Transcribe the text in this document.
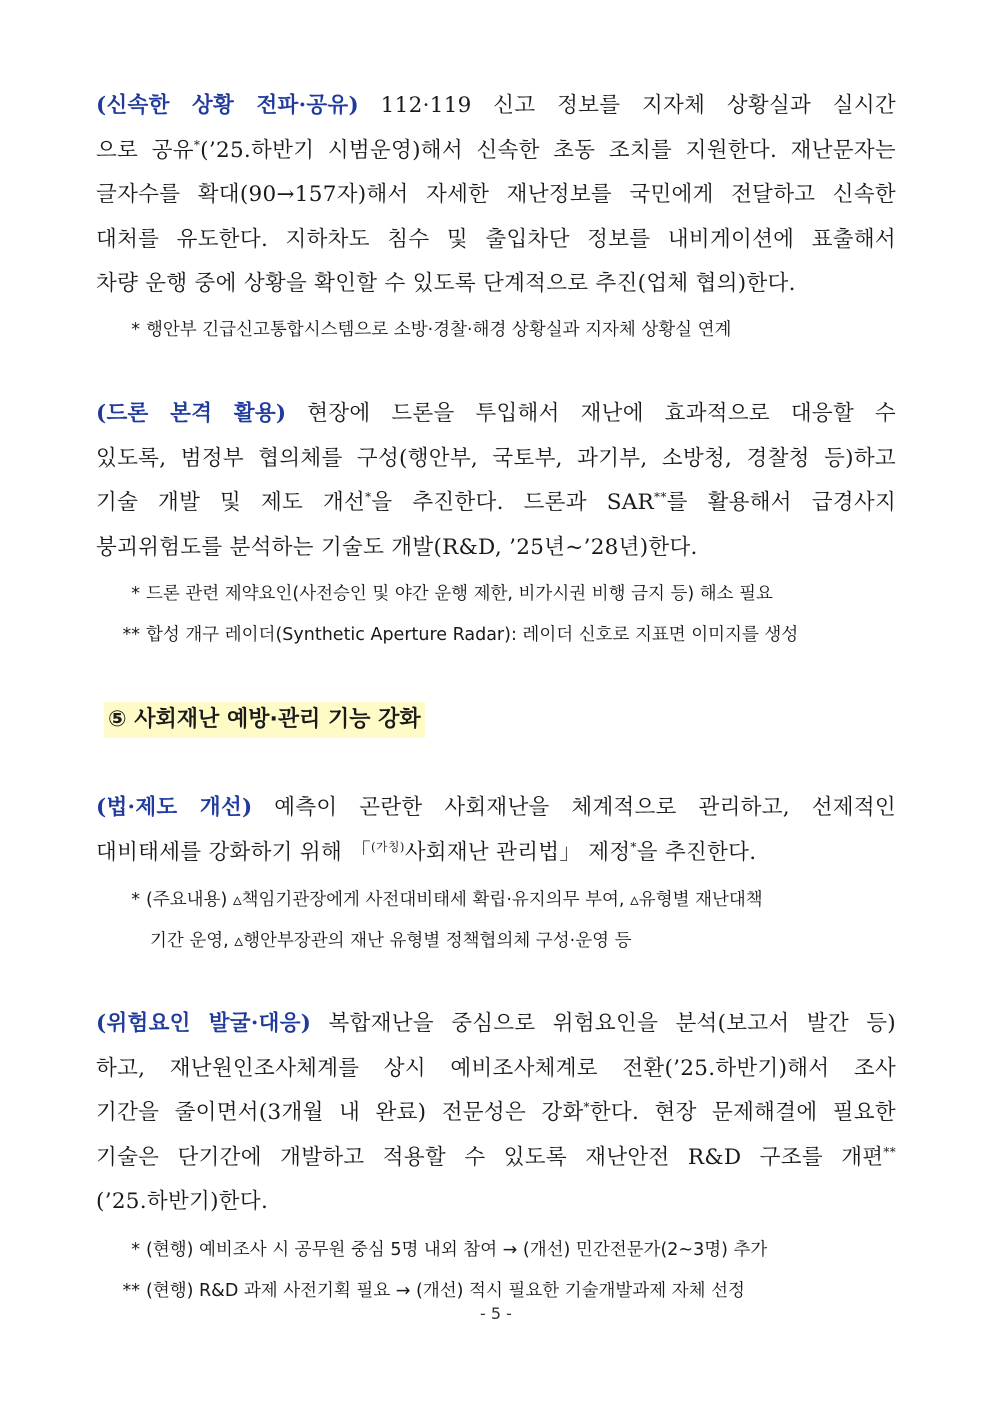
(신속한 상황 전파·공유) 112·119 신고 정보를 지자체 상황실과 실시간
으로 공유*(’25.하반기 시범운영)해서 신속한 초동 조치를 지원한다. 재난문자는
글자수를 확대(90→157자)해서 자세한 재난정보를 국민에게 전달하고 신속한
대처를 유도한다. 지하차도 침수 및 출입차단 정보를 내비게이션에 표출해서
차량 운행 중에 상황을 확인할 수 있도록 단계적으로 추진(업체 협의)한다.
* 행안부 긴급신고통합시스템으로 소방·경찰·해경 상황실과 지자체 상황실 연계
(드론 본격 활용) 현장에 드론을 투입해서 재난에 효과적으로 대응할 수
있도록, 범정부 협의체를 구성(행안부, 국토부, 과기부, 소방청, 경찰청 등)하고
기술 개발 및 제도 개선*을 추진한다. 드론과 SAR**를 활용해서 급경사지
붕괴위험도를 분석하는 기술도 개발(R&D, ’25년~’28년)한다.
* 드론 관련 제약요인(사전승인 및 야간 운행 제한, 비가시권 비행 금지 등) 해소 필요
** 합성 개구 레이더(Synthetic Aperture Radar): 레이더 신호로 지표면 이미지를 생성
⑤ 사회재난 예방·관리 기능 강화
(법·제도 개선) 예측이 곤란한 사회재난을 체계적으로 관리하고, 선제적인
대비태세를 강화하기 위해 「$^{(가칭)}$사회재난 관리법」 제정*을 추진한다.
* (주요내용) ▵책임기관장에게 사전대비태세 확립·유지의무 부여, ▵유형별 재난대책
기간 운영, ▵행안부장관의 재난 유형별 정책협의체 구성·운영 등
(위험요인 발굴·대응) 복합재난을 중심으로 위험요인을 분석(보고서 발간 등)
하고, 재난원인조사체계를 상시 예비조사체계로 전환(’25.하반기)해서 조사
기간을 줄이면서(3개월 내 완료) 전문성은 강화*한다. 현장 문제해결에 필요한
기술은 단기간에 개발하고 적용할 수 있도록 재난안전 R&D 구조를 개편**
(’25.하반기)한다.
* (현행) 예비조사 시 공무원 중심 5명 내외 참여 → (개선) 민간전문가(2~3명) 추가
** (현행) R&D 과제 사전기획 필요 → (개선) 적시 필요한 기술개발과제 자체 선정
- 5 -
